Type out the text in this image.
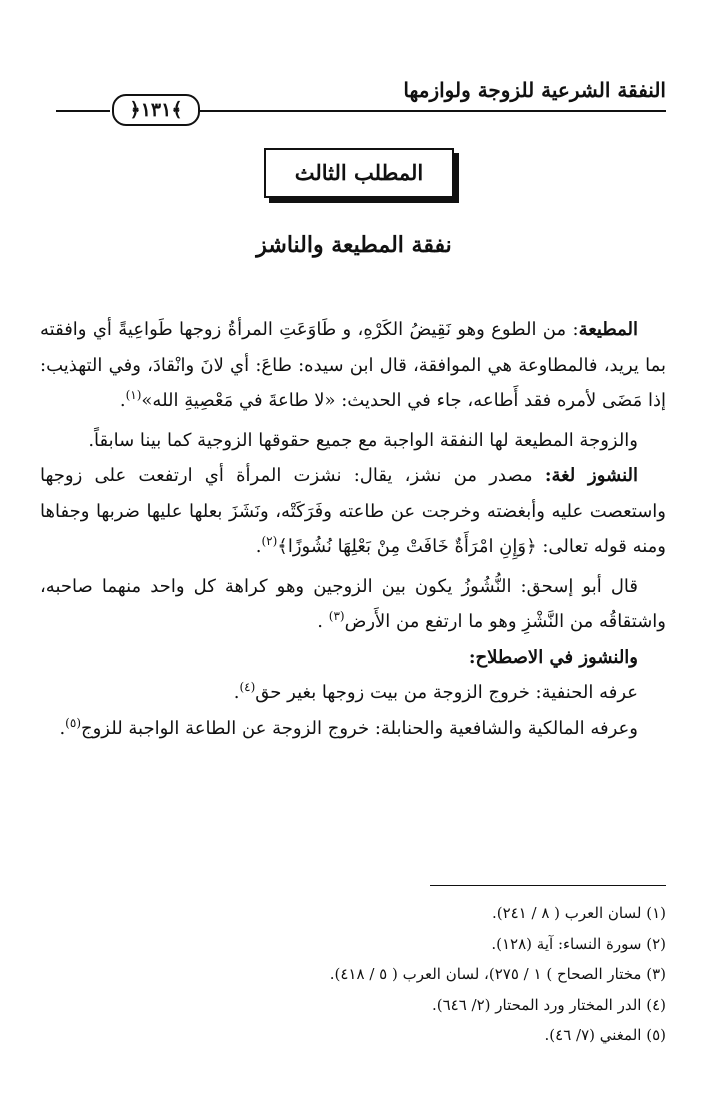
النفقة الشرعية للزوجة ولوازمها
﴿١٣١﴾
المطلب الثالث
نفقة المطيعة والناشز

المطيعة: من الطوع وهو نَقِيضُ الكَرْهِ، و طَاوَعَتِ المرأةُ زوجها طَواعِيةً أي وافقته بما يريد، فالمطاوعة هي الموافقة، قال ابن سيده: طاعَ: أي لانَ وانْقادَ، وفي التهذيب: إذا مَضَى لأمره فقد أَطاعه، جاء في الحديث: «لا طاعةَ في مَعْصِيةِ الله»$^{(١)}$.

والزوجة المطيعة لها النفقة الواجبة مع جميع حقوقها الزوجية كما بينا سابقاً.

النشوز لغة: مصدر من نشز، يقال: نشزت المرأة أي ارتفعت على زوجها واستعصت عليه وأبغضته وخرجت عن طاعته وفَرَكَتْه، ونَشَزَ بعلها عليها ضربها وجفاها ومنه قوله تعالى: ﴿وَإِنِ امْرَأَةٌ خَافَتْ مِنْ بَعْلِهَا نُشُوزًا﴾$^{(٢)}$.

قال أبو إسحق: النُّشُوزُ يكون بين الزوجين وهو كراهة كل واحد منهما صاحبه، واشتقاقُه من النَّشْزِ وهو ما ارتفع من الأَرض$^{(٣)}$ .

والنشوز في الاصطلاح:

عرفه الحنفية: خروج الزوجة من بيت زوجها بغير حق$^{(٤)}$.

وعرفه المالكية والشافعية والحنابلة: خروج الزوجة عن الطاعة الواجبة للزوج$^{(٥)}$.

(١) لسان العرب ( ٨ / ٢٤١).

(٢) سورة النساء: آية (١٢٨).

(٣) مختار الصحاح ) ١ / ٢٧٥)، لسان العرب ( ٥ / ٤١٨).

(٤) الدر المختار ورد المحتار (٢/ ٦٤٦).

(٥) المغني (٧/ ٤٦).
